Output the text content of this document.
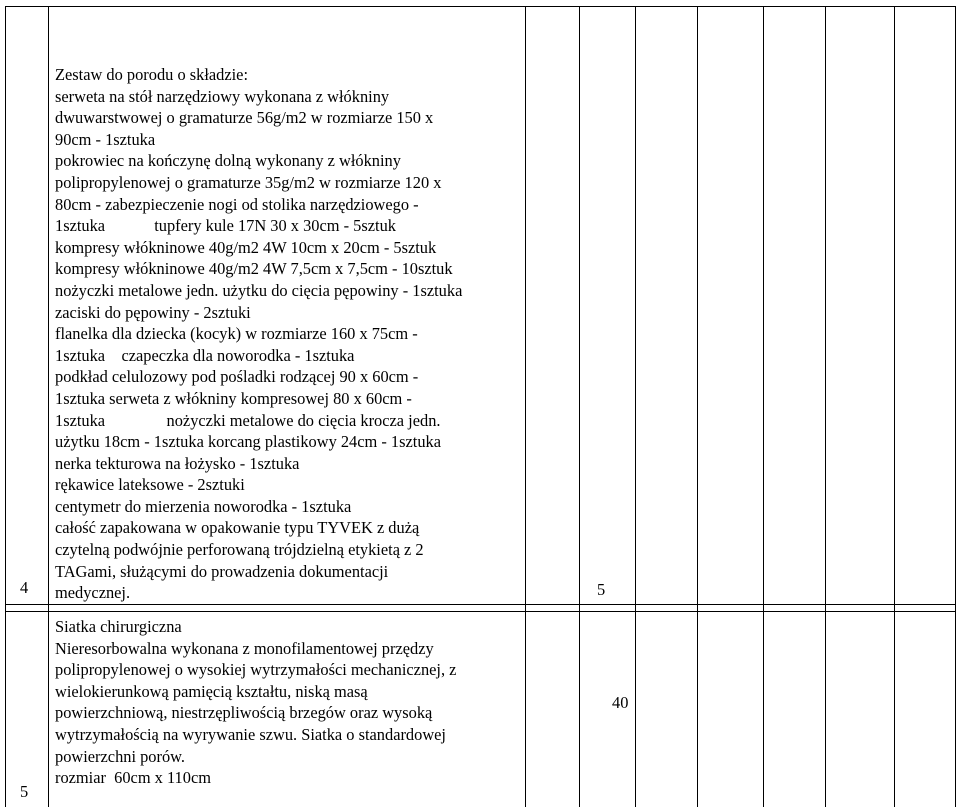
4
Zestaw do porodu o składzie:
serweta na stół narzędziowy wykonana z włókniny
dwuwarstwowej o gramaturze 56g/m2 w rozmiarze 150 x
90cm - 1sztuka
pokrowiec na kończynę dolną wykonany z włókniny
polipropylenowej o gramaturze 35g/m2 w rozmiarze 120 x
80cm - zabezpieczenie nogi od stolika narzędziowego -
1sztuka            tupfery kule 17N 30 x 30cm - 5sztuk
kompresy włókninowe 40g/m2 4W 10cm x 20cm - 5sztuk
kompresy włókninowe 40g/m2 4W 7,5cm x 7,5cm - 10sztuk
nożyczki metalowe jedn. użytku do cięcia pępowiny - 1sztuka
zaciski do pępowiny - 2sztuki
flanelka dla dziecka (kocyk) w rozmiarze 160 x 75cm -
1sztuka    czapeczka dla noworodka - 1sztuka
podkład celulozowy pod pośladki rodzącej 90 x 60cm -
1sztuka serweta z włókniny kompresowej 80 x 60cm -
1sztuka               nożyczki metalowe do cięcia krocza jedn.
użytku 18cm - 1sztuka korcang plastikowy 24cm - 1sztuka
nerka tekturowa na łożysko - 1sztuka
rękawice lateksowe - 2sztuki
centymetr do mierzenia noworodka - 1sztuka
całość zapakowana w opakowanie typu TYVEK z dużą
czytelną podwójnie perforowaną trójdzielną etykietą z 2
TAGami, służącymi do prowadzenia dokumentacji
medycznej.	5
5
Siatka chirurgiczna
Nieresorbowalna wykonana z monofilamentowej przędzy
polipropylenowej o wysokiej wytrzymałości mechanicznej, z
wielokierunkową pamięcią kształtu, niską masą
powierzchniową, niestrzępliwością brzegów oraz wysoką
wytrzymałością na wyrywanie szwu. Siatka o standardowej
powierzchni porów.
rozmiar  60cm x 110cm
40
